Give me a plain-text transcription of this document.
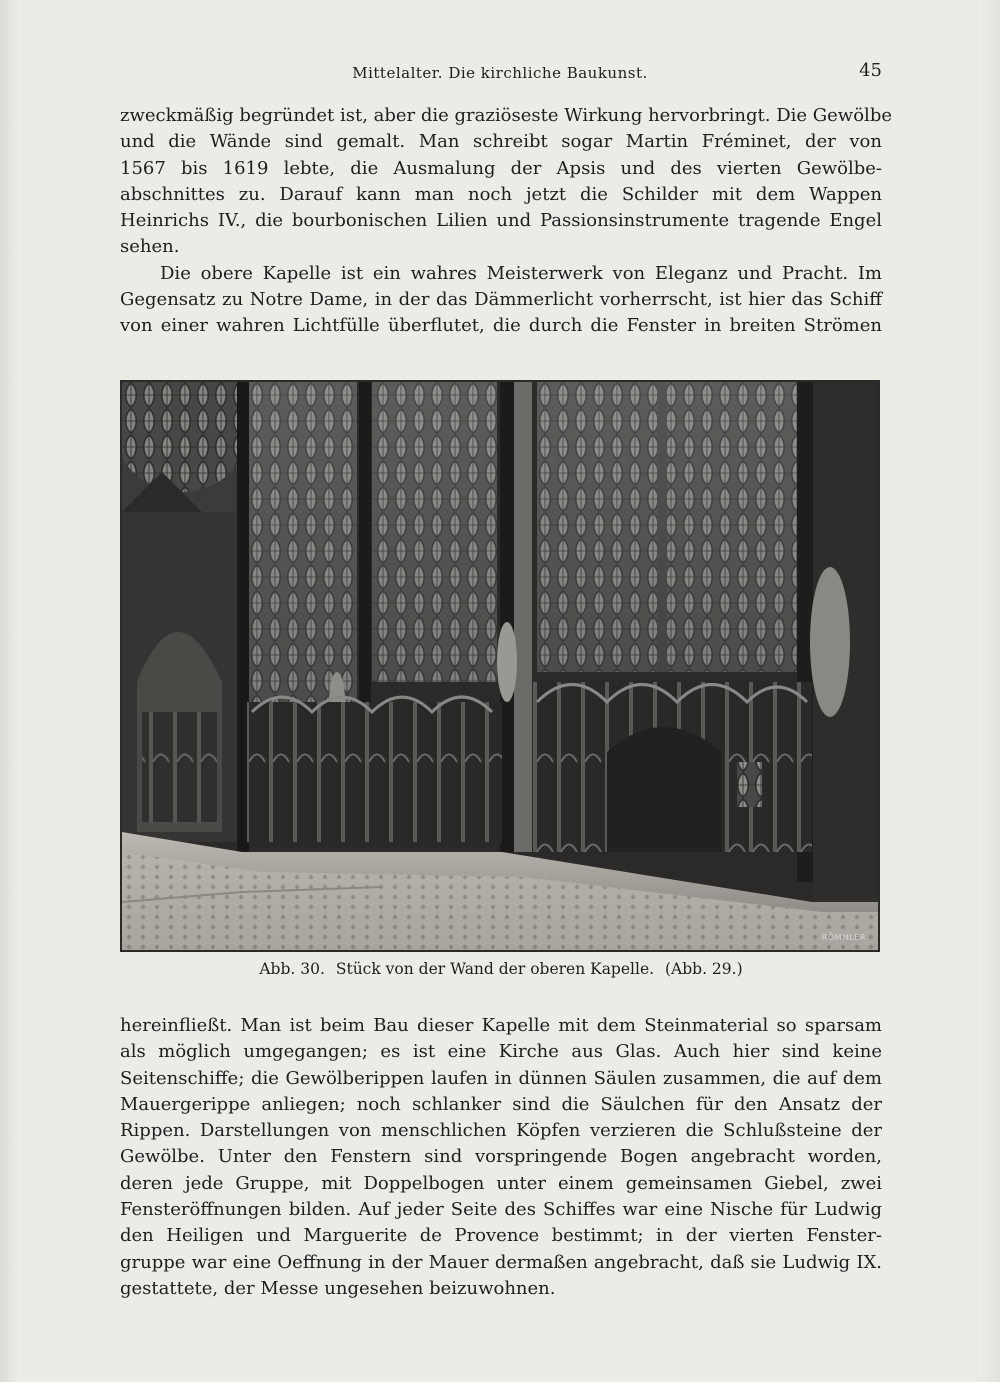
Mittelalter. Die kirchliche Baukunst.	45
zweckmäßig begründet ist, aber die graziöseste Wirkung hervorbringt. Die Gewölbe
und die Wände sind gemalt. Man schreibt sogar Martin Fréminet, der von
1567 bis 1619 lebte, die Ausmalung der Apsis und des vierten Gewölbe-
abschnittes zu. Darauf kann man noch jetzt die Schilder mit dem Wappen
Heinrichs IV., die bourbonischen Lilien und Passionsinstrumente tragende Engel
sehen.
Die obere Kapelle ist ein wahres Meisterwerk von Eleganz und Pracht. Im
Gegensatz zu Notre Dame, in der das Dämmerlicht vorherrscht, ist hier das Schiff
von einer wahren Lichtfülle überflutet, die durch die Fenster in breiten Strömen
RÖMMLER
Abb. 30. Stück von der Wand der oberen Kapelle. (Abb. 29.)
hereinfließt. Man ist beim Bau dieser Kapelle mit dem Steinmaterial so sparsam
als möglich umgegangen; es ist eine Kirche aus Glas. Auch hier sind keine
Seitenschiffe; die Gewölberippen laufen in dünnen Säulen zusammen, die auf dem
Mauergerippe anliegen; noch schlanker sind die Säulchen für den Ansatz der
Rippen. Darstellungen von menschlichen Köpfen verzieren die Schlußsteine der
Gewölbe. Unter den Fenstern sind vorspringende Bogen angebracht worden,
deren jede Gruppe, mit Doppelbogen unter einem gemeinsamen Giebel, zwei
Fensteröffnungen bilden. Auf jeder Seite des Schiffes war eine Nische für Ludwig
den Heiligen und Marguerite de Provence bestimmt; in der vierten Fenster-
gruppe war eine Oeffnung in der Mauer dermaßen angebracht, daß sie Ludwig IX.
gestattete, der Messe ungesehen beizuwohnen.
